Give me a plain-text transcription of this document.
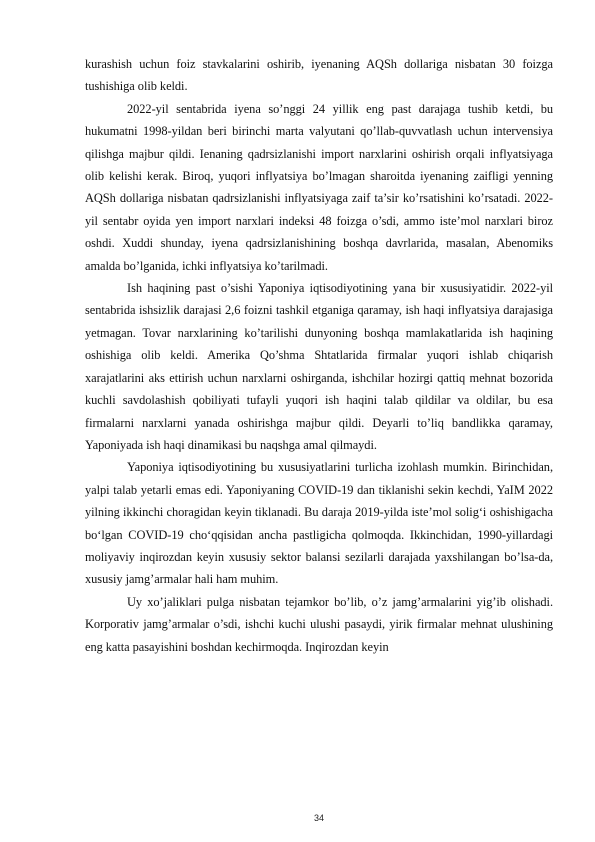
kurashish uchun foiz stavkalarini oshirib, iyenaning AQSh dollariga nisbatan 30 foizga tushishiga olib keldi.

2022-yil sentabrida iyena so’nggi 24 yillik eng past darajaga tushib ketdi, bu hukumatni 1998-yildan beri birinchi marta valyutani qo’llab-quvvatlash uchun intervensiya qilishga majbur qildi. Ienaning qadrsizlanishi import narxlarini oshirish orqali inflyatsiyaga olib kelishi kerak. Biroq, yuqori inflyatsiya bo’lmagan sharoitda iyenaning zaifligi yenning AQSh dollariga nisbatan qadrsizlanishi inflyatsiyaga zaif ta’sir ko’rsatishini ko’rsatadi. 2022-yil sentabr oyida yen import narxlari indeksi 48 foizga o’sdi, ammo iste’mol narxlari biroz oshdi. Xuddi shunday, iyena qadrsizlanishining boshqa davrlarida, masalan, Abenomiks amalda bo’lganida, ichki inflyatsiya ko’tarilmadi.

Ish haqining past o’sishi Yaponiya iqtisodiyotining yana bir xususiyatidir. 2022-yil sentabrida ishsizlik darajasi 2,6 foizni tashkil etganiga qaramay, ish haqi inflyatsiya darajasiga yetmagan. Tovar narxlarining ko’tarilishi dunyoning boshqa mamlakatlarida ish haqining oshishiga olib keldi. Amerika Qo’shma Shtatlarida firmalar yuqori ishlab chiqarish xarajatlarini aks ettirish uchun narxlarni oshirganda, ishchilar hozirgi qattiq mehnat bozorida kuchli savdolashish qobiliyati tufayli yuqori ish haqini talab qildilar va oldilar, bu esa firmalarni narxlarni yanada oshirishga majbur qildi. Deyarli to’liq bandlikka qaramay, Yaponiyada ish haqi dinamikasi bu naqshga amal qilmaydi.

Yaponiya iqtisodiyotining bu xususiyatlarini turlicha izohlash mumkin. Birinchidan, yalpi talab yetarli emas edi. Yaponiyaning COVID-19 dan tiklanishi sekin kechdi, YaIM 2022 yilning ikkinchi choragidan keyin tiklanadi. Bu daraja 2019-yilda iste’mol solig‘i oshishigacha bo‘lgan COVID-19 cho‘qqisidan ancha pastligicha qolmoqda. Ikkinchidan, 1990-yillardagi moliyaviy inqirozdan keyin xususiy sektor balansi sezilarli darajada yaxshilangan bo’lsa-da, xususiy jamg’armalar hali ham muhim.

Uy xo’jaliklari pulga nisbatan tejamkor bo’lib, o’z jamg’armalarini yig’ib olishadi. Korporativ jamg’armalar o’sdi, ishchi kuchi ulushi pasaydi, yirik firmalar mehnat ulushining eng katta pasayishini boshdan kechirmoqda. Inqirozdan keyin

34
